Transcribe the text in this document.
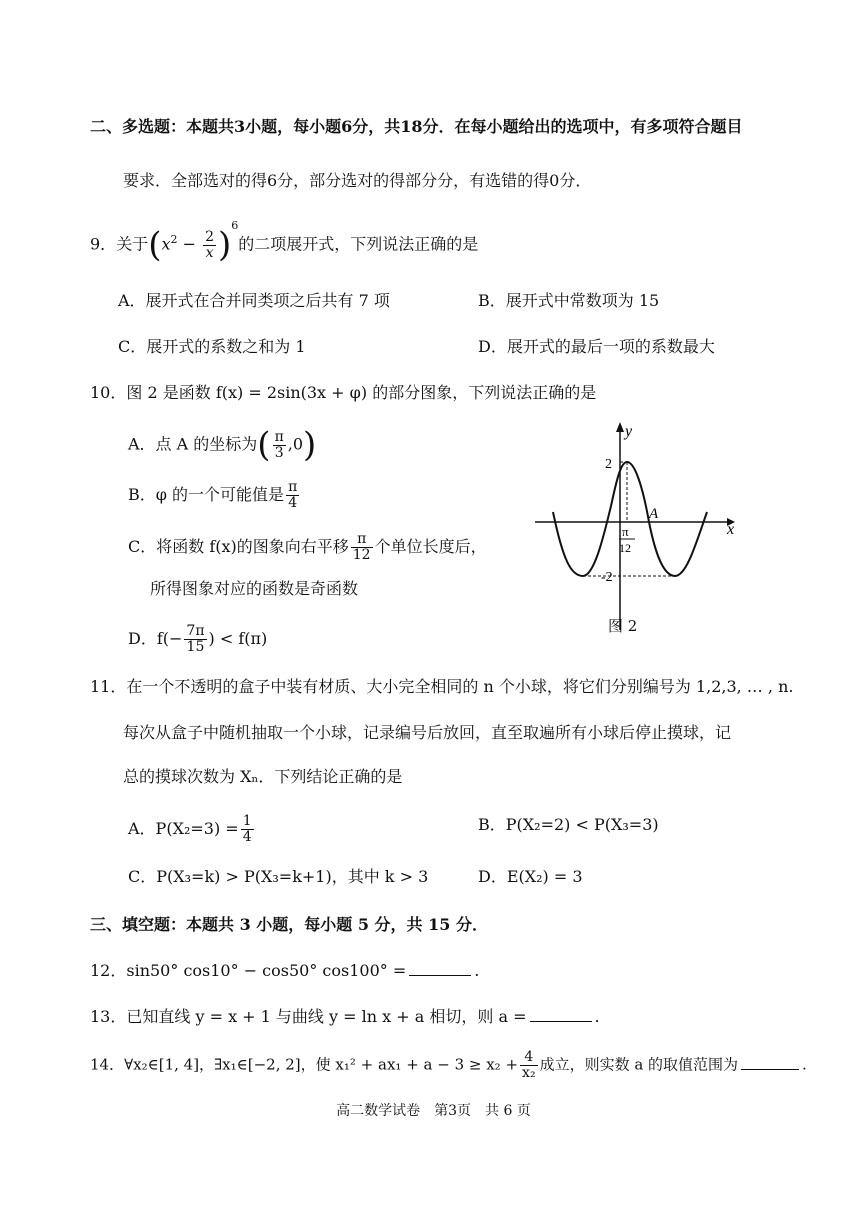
二、多选题：本题共3小题，每小题6分，共18分．在每小题给出的选项中，有多项符合题目
要求．全部选对的得6分，部分选对的得部分分，有选错的得0分．
9．关于$(x^2 - \frac{2}{x} )^6$的二项展开式，下列说法正确的是
A．展开式在合并同类项之后共有 7 项	B．展开式中常数项为 15
C．展开式的系数之和为 1	D．展开式的最后一项的系数最大
10．图 2 是函数 f(x) = 2sin(3x + φ) 的部分图象，下列说法正确的是
A．点 A 的坐标为( $\frac{\pi}{3} ,0$)
B．φ 的一个可能值是 $\frac{\pi}{4}$
C．将函数 f(x)的图象向右平移 $\frac{\pi}{12}$ 个单位长度后，
所得图象对应的函数是奇函数
D．$f(- \frac{7\pi}{15}$ ) < f(π)
y
x
2
-2
A
π
12
图 2
11．在一个不透明的盒子中装有材质、大小完全相同的 n 个小球，将它们分别编号为 1,2,3, … , n.
每次从盒子中随机抽取一个小球，记录编号后放回，直至取遍所有小球后停止摸球，记
总的摸球次数为 Xₙ．下列结论正确的是
A．$P(X_2=3) = \frac{1}{4}$	B．P(X₂=2) < P(X₃=3)
C．P(X₃=k) > P(X₃=k+1)，其中 k > 3	D．E(X₂) = 3
三、填空题：本题共 3 小题，每小题 5 分，共 15 分．
12．sin50° cos10° − cos50° cos100° =	.
13．已知直线 y = x + 1 与曲线 y = ln x + a 相切，则 a =	.
14．∀x₂∈[1, 4]，∃x₁∈[−2, 2]，使 $x_1^2 + ax_1 + a - 3 \ge x_2 + \frac{4}{\text{x₂}}$ 成立，则实数 a 的取值范围为	.
高二数学试卷　第3页　共 6 页
